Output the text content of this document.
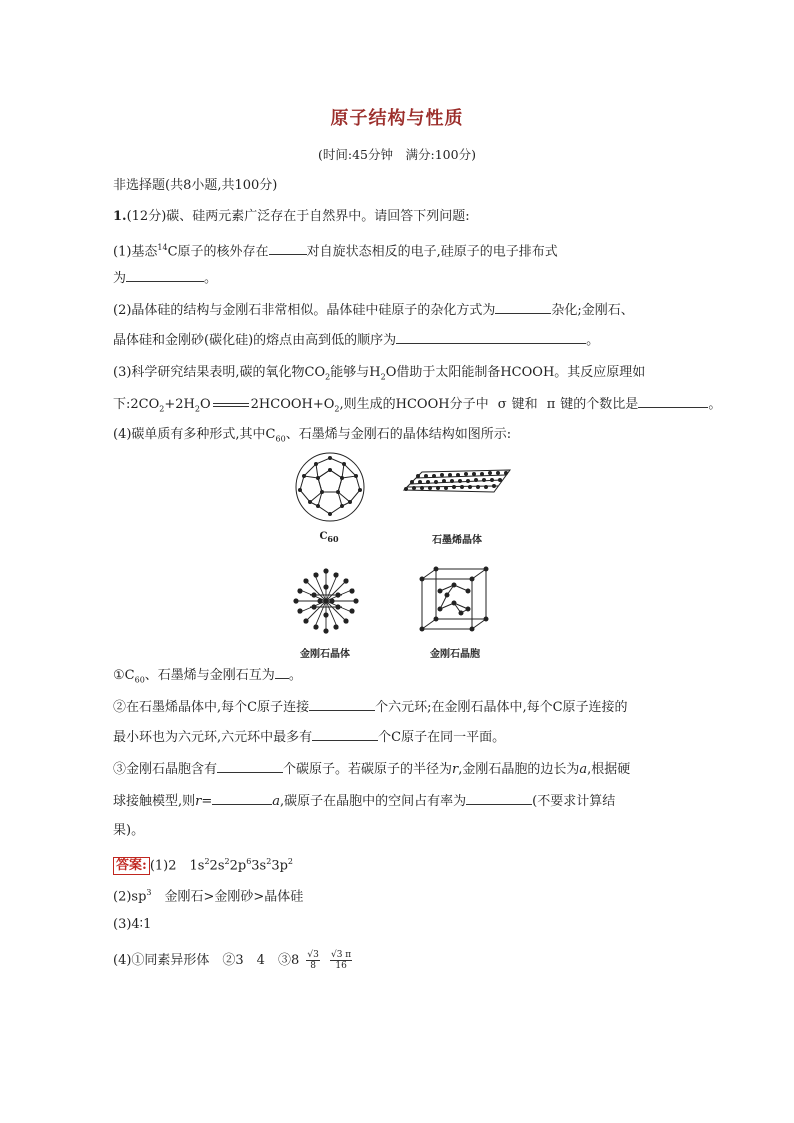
原子结构与性质
(时间:45分钟　满分:100分)
非选择题(共8小题,共100分)
1.(12分)碳、硅两元素广泛存在于自然界中。请回答下列问题:
(1)基态$^{14}$C原子的核外存在	对自旋状态相反的电子,硅原子的电子排布式
为	。
(2)晶体硅的结构与金刚石非常相似。晶体硅中硅原子的杂化方式为	杂化;金刚石、
晶体硅和金刚砂(碳化硅)的熔点由高到低的顺序为	。
(3)科学研究结果表明,碳的氧化物$CO_2$能够与$H_2O$借助于太阳能制备HCOOH。其反应原理如
下$:2CO_2+2H_2O$	$2HCOOH+O_2$,则生成的HCOOH分子中 σ 键和 π 键的个数比是	。
(4)碳单质有多种形式,其中$C_{60}$、石墨烯与金刚石的晶体结构如图所示:
$C_{60}$	石墨烯晶体
金刚石晶体	金刚石晶胞
$①C_{60}$、石墨烯与金刚石互为 。
②在石墨烯晶体中,每个C原子连接	个六元环;在金刚石晶体中,每个C原子连接的
最小环也为六元环,六元环中最多有	个C原子在同一平面。
③金刚石晶胞含有	个碳原子。若碳原子的半径为r,金刚石晶胞的边长为a,根据硬
球接触模型,则r=	a,碳原子在晶胞中的空间占有率为	(不要求计算结
果)。
答案: (1)2　$1s^22s^22p^63s^23p^2$
$(2)sp^3$　金刚石>金刚砂>晶体硅
(3)4∶1
(4)①同素异形体　②3　4　③8 $\frac{√3}{8}$
$\frac{√3 \pi}{16}$
